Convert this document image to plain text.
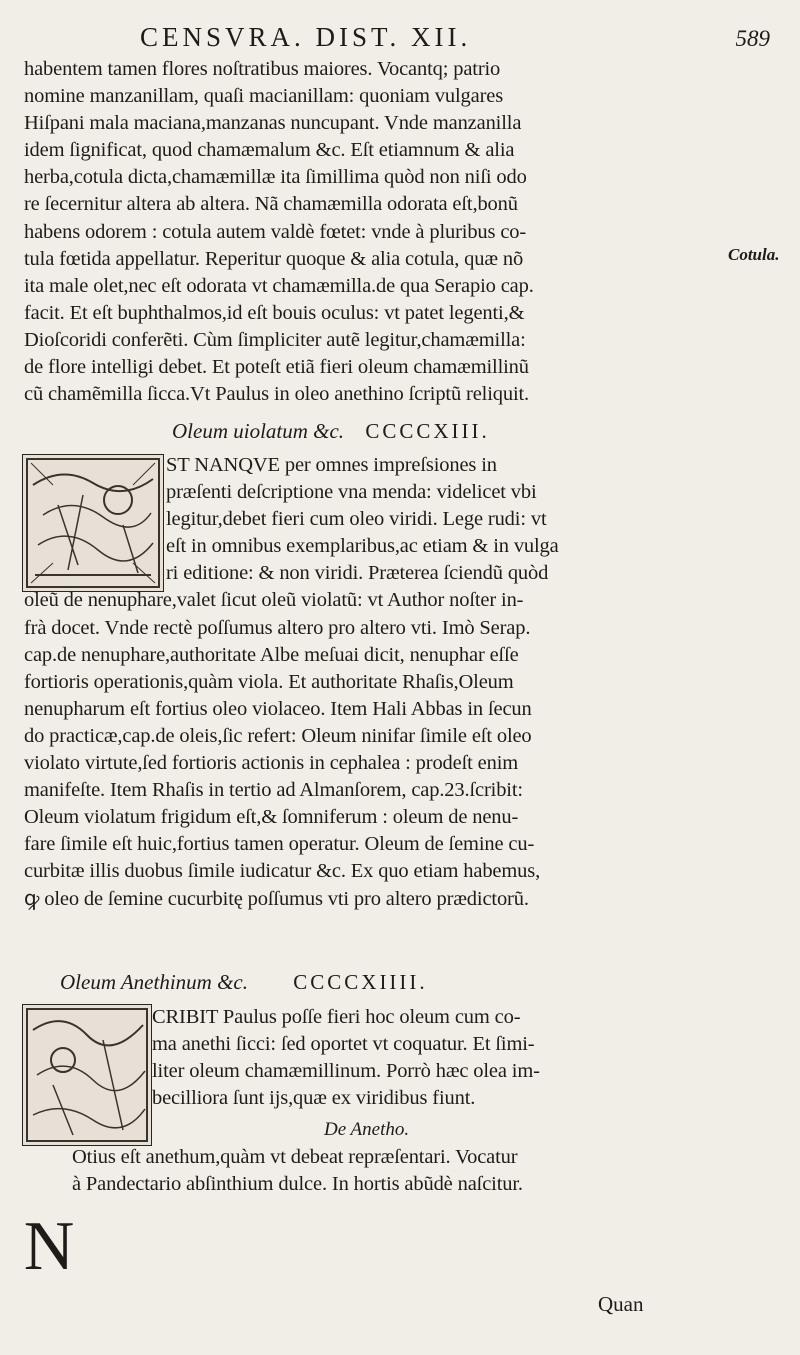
CENSVRA. DIST. XII.	589
Cotula.
habentem tamen flores noſtratibus maiores. Vocantq; patrio
nomine manzanillam, quaſi macianillam: quoniam vulgares
Hiſpani mala maciana,manzanas nuncupant. Vnde manzanilla
idem ſignificat, quod chamæmalum &c. Eſt etiamnum & alia
herba,cotula dicta,chamæmillæ ita ſimillima quòd non niſi odo
re ſecernitur altera ab altera. Nã chamæmilla odorata eſt,bonũ
habens odorem : cotula autem valdè fœtet: vnde à pluribus co-
tula fœtida appellatur. Reperitur quoque & alia cotula, quæ nõ
ita male olet,nec eſt odorata vt chamæmilla.de qua Serapio cap.
facit. Et eſt buphthalmos,id eſt bouis oculus: vt patet legenti,&
Dioſcoridi conferẽti. Cùm ſimpliciter autẽ legitur,chamæmilla:
de flore intelligi debet. Et poteſt etiã fieri oleum chamæmillinũ
cũ chamẽmilla ſicca.Vt Paulus in oleo anethino ſcriptũ reliquit.
Oleum uiolatum &c. CCCCXIII.
ST NANQVE per omnes impreſsiones in
præſenti deſcriptione vna menda: videlicet vbi
legitur,debet fieri cum oleo viridi. Lege rudi: vt
eſt in omnibus exemplaribus,ac etiam & in vulga
ri editione: & non viridi. Præterea ſciendũ quòd
oleũ de nenuphare,valet ſicut oleũ violatũ: vt Author noſter in-
frà docet. Vnde rectè poſſumus altero pro altero vti. Imò Serap.
cap.de nenuphare,authoritate Albe meſuai dicit, nenuphar eſſe
fortioris operationis,quàm viola. Et authoritate Rhaſis,Oleum
nenupharum eſt fortius oleo violaceo. Item Hali Abbas in ſecun
do practicæ,cap.de oleis,ſic refert: Oleum ninifar ſimile eſt oleo
violato virtute,ſed fortioris actionis in cephalea : prodeſt enim
manifeſte. Item Rhaſis in tertio ad Almanſorem, cap.23.ſcribit:
Oleum violatum frigidum eſt,& ſomniferum : oleum de nenu-
fare ſimile eſt huic,fortius tamen operatur. Oleum de ſemine cu-
curbitæ illis duobus ſimile iudicatur &c. Ex quo etiam habemus,
ꝙ oleo de ſemine cucurbitę poſſumus vti pro altero prædictorũ.
Oleum Anethinum &c. CCCCXIIII.
CRIBIT Paulus poſſe fieri hoc oleum cum co-
ma anethi ſicci: ſed oportet vt coquatur. Et ſimi-
liter oleum chamæmillinum. Porrò hæc olea im-
becilliora ſunt ijs,quæ ex viridibus fiunt.
De Anetho.
N
Otius eſt anethum,quàm vt debeat repræſentari. Vocatur
à Pandectario abſinthium dulce. In hortis abũdè naſcitur.
Quan
